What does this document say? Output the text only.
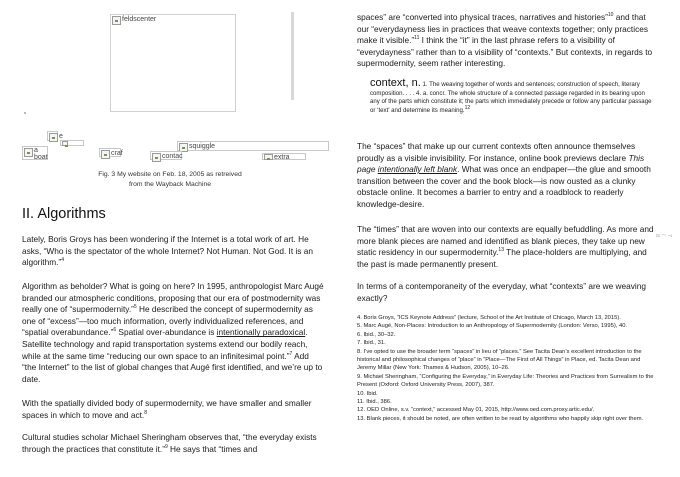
feldscenter
e
a boat
craf
squiggle
contac	extra
Fig. 3 My website on Feb. 18, 2005 as retreived
from the Wayback Machine
II. Algorithms

Lately, Boris Groys has been wondering if the Internet is a total work of art. He asks, “Who is the spectator of the whole Internet? Not Human. Not God. It is an algorithm.”$^4$

Algorithm as beholder? What is going on here? In 1995, anthropologist Marc Augé branded our atmospheric conditions, proposing that our era of postmodernity was really one of “supermodernity.”$^5$ He described the concept of supermodernity as one of “excess”—too much information, overly individualized references, and “spatial overabundance.”$^6$ Spatial over-abundance is intentionally paradoxical. Satellite technology and rapid transportation systems extend our bodily reach, while at the same time “reducing our own space to an infinitesimal point.”$^7$ Add “the Internet” to the list of global changes that Augé first identified, and we’re up to date.

With the spatially divided body of supermodernity, we have smaller and smaller spaces in which to move and act.$^8$

Cultural studies scholar Michael Sheringham observes that, “the everyday exists through the practices that constitute it.”$^9$ He says that “times and

spaces” are “converted into physical traces, narratives and histories”$^{10}$ and that our “everydayness lies in practices that weave contexts together; only practices make it visible.”$^{11}$ I think the “it” in the last phrase refers to a visibility of “everydayness” rather than to a visibility of “contexts.” But contexts, in regards to supermodernity, seem rather interesting.

context, n. 1. The weaving together of words and sentences; construction of speech, literary composition. . . . 4. a. concr. The whole structure of a connected passage regarded in its bearing upon any of the parts which constitute it; the parts which immediately precede or follow any particular passage or ‘text’ and determine its meaning.$^{12}$

The “spaces” that make up our current contexts often announce themselves proudly as a visible invisibility. For instance, online book previews declare This page intentionally left blank. What was once an endpaper—the glue and smooth transition between the cover and the book block—is now ousted as a clunky obstacle online. It becomes a barrier to entry and a roadblock to readerly knowledge-desire.

The “times” that are woven into our contexts are equally befuddling. As more and more blank pieces are named and identified as blank pieces, they take up new static residency in our supermodernity.$^{13}$ The place-holders are multiplying, and the past is made permanently present.

In terms of a contemporaneity of the everyday, what “contexts” are we weaving exactly?

4. Boris Groys, “ICS Keynote Address” (lecture, School of the Art Institute of Chicago, March 13, 2015).
5. Marc Augé, Non-Places: Introduction to an Anthropology of Supermodernity (London: Verso, 1995), 40.
6. Ibid., 30–32.
7. Ibid., 31.
8. I’ve opted to use the broader term “spaces” in lieu of “places.” See Tacita Dean’s excellent introduction to the historical and philosophical changes of “place” in “Place—The First of All Things” in Place, ed. Tacita Dean and Jeremy Millar (New York: Thames & Hudson, 2005), 10–26.
9. Michael Sheringham, “Configuring the Everyday,” in Everyday Life: Theories and Practices from Surrealism to the Present (Oxford: Oxford University Press, 2007), 387.
10. Ibid.
11. Ibid., 386.
12. OED Online, s.v. “context,” accessed May 01, 2015, http://www.oed.com.proxy.artic.edu/.
13. Blank pieces, it should be noted, are often written to be read by algorithms who happily skip right over them.
7 / 8
